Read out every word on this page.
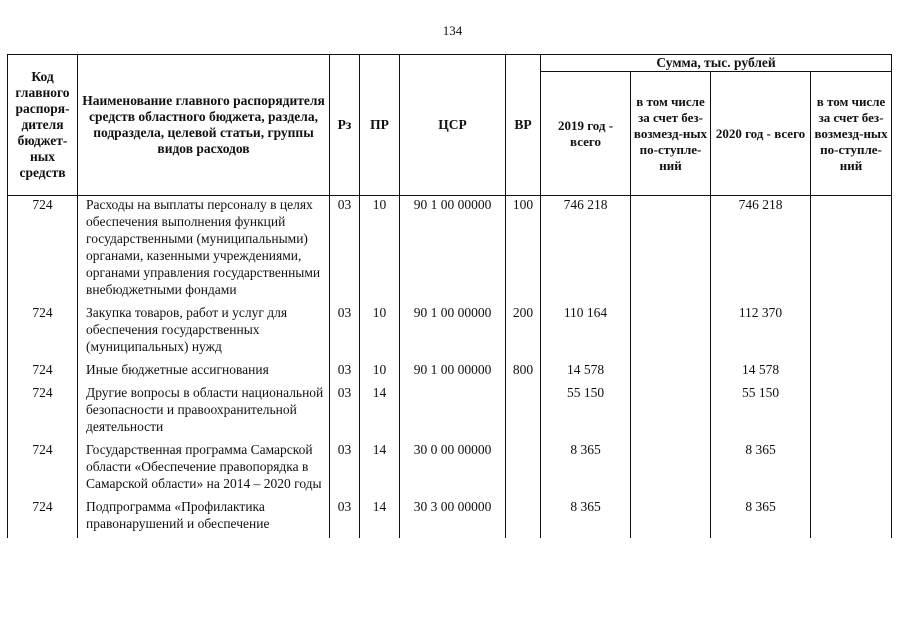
134
Код главного распоря-дителя бюджет-ных средств	Наименование главного распорядителя средств областного бюджета, раздела, подраздела, целевой статьи, группы видов расходов	Рз	ПР	ЦСР	ВР	Сумма, тыс. рублей			
						2019 год - всего	в том числе за счет без-возмезд-ных по-ступле-ний	2020 год - всего	в том числе за счет без-возмезд-ных по-ступле-ний
724	Расходы на выплаты персоналу в целях обеспечения выполнения функций государственными (муниципальными) органами, казенными учреждениями, органами управления государственными внебюджетными фондами	03	10	90 1 00 00000	100	746 218		746 218	
724	Закупка товаров, работ и услуг для обеспечения государственных (муниципальных) нужд	03	10	90 1 00 00000	200	110 164		112 370	
724	Иные бюджетные ассигнования	03	10	90 1 00 00000	800	14 578		14 578	
724	Другие вопросы в области национальной безопасности и правоохранительной деятельности	03	14			55 150		55 150	
724	Государственная программа Самарской области «Обеспечение правопорядка в Самарской области» на 2014 – 2020 годы	03	14	30 0 00 00000		8 365		8 365	
724	Подпрограмма «Профилактика правонарушений и обеспечение	03	14	30 3 00 00000		8 365		8 365	
